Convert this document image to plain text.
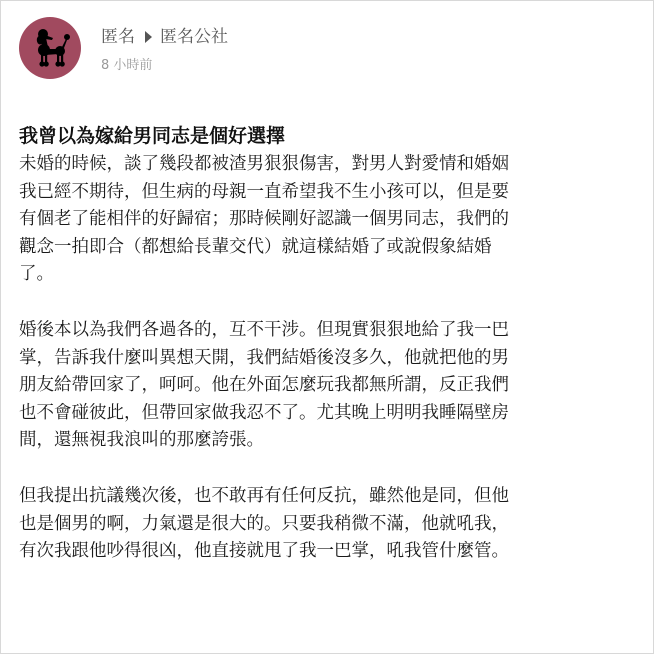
匿名 匿名公社
8 小時前
我曾以為嫁給男同志是個好選擇

未婚的時候，談了幾段都被渣男狠狠傷害，對男人對愛情和婚姻
我已經不期待，但生病的母親一直希望我不生小孩可以，但是要
有個老了能相伴的好歸宿；那時候剛好認識一個男同志，我們的
觀念一拍即合（都想給長輩交代）就這樣結婚了或說假象結婚
了。

婚後本以為我們各過各的，互不干涉。但現實狠狠地給了我一巴
掌，告訴我什麼叫異想天開，我們結婚後沒多久，他就把他的男
朋友給帶回家了，呵呵。他在外面怎麼玩我都無所謂，反正我們
也不會碰彼此，但帶回家做我忍不了。尤其晚上明明我睡隔壁房
間，還無視我浪叫的那麼誇張。

但我提出抗議幾次後，也不敢再有任何反抗，雖然他是同，但他
也是個男的啊，力氣還是很大的。只要我稍微不滿，他就吼我，
有次我跟他吵得很凶，他直接就甩了我一巴掌，吼我管什麼管。
